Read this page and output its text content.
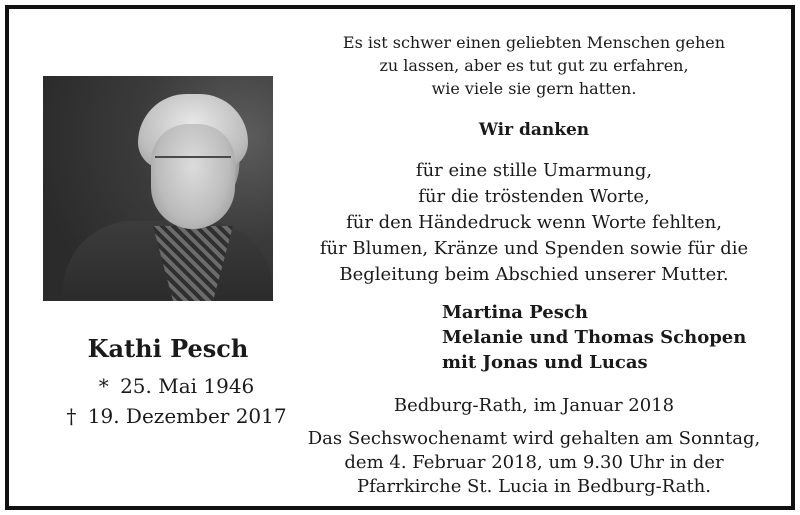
Kathi Pesch
* 25. Mai 1946
† 19. Dezember 2017
Es ist schwer einen geliebten Menschen gehen
zu lassen, aber es tut gut zu erfahren,
wie viele sie gern hatten.
Wir danken
für eine stille Umarmung,
für die tröstenden Worte,
für den Händedruck wenn Worte fehlten,
für Blumen, Kränze und Spenden sowie für die
Begleitung beim Abschied unserer Mutter.
Martina Pesch
Melanie und Thomas Schopen
mit Jonas und Lucas
Bedburg-Rath, im Januar 2018
Das Sechswochenamt wird gehalten am Sonntag,
dem 4. Februar 2018, um 9.30 Uhr in der
Pfarrkirche St. Lucia in Bedburg-Rath.
